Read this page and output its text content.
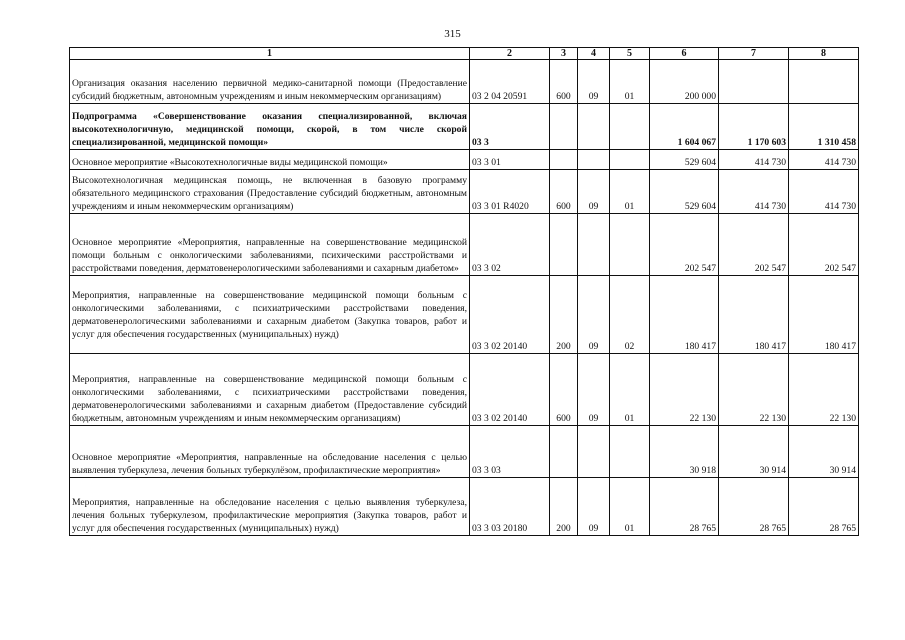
315
1	2	3	4	5	6	7	8
Организация оказания населению первичной медико-санитарной помощи (Предоставление субсидий бюджетным, автономным учреждениям и иным некоммерческим организациям)	03 2 04 20591	600	09	01	200 000		
Подпрограмма «Совершенствование оказания специализированной, включая высокотехнологичную, медицинской помощи, скорой, в том числе скорой специализированной, медицинской помощи»	03 3				1 604 067	1 170 603	1 310 458
Основное мероприятие «Высокотехнологичные виды медицинской помощи»	03 3 01				529 604	414 730	414 730
Высокотехнологичная медицинская помощь, не включенная в базовую программу обязательного медицинского страхования (Предоставление субсидий бюджетным, автономным учреждениям и иным некоммерческим организациям)	03 3 01 R4020	600	09	01	529 604	414 730	414 730
Основное мероприятие «Мероприятия, направленные на совершенствование медицинской помощи больным с онкологическими заболеваниями, психическими расстройствами и расстройствами поведения, дерматовенерологическими заболеваниями и сахарным диабетом»	03 3 02				202 547	202 547	202 547
Мероприятия, направленные на совершенствование медицинской помощи больным с онкологическими заболеваниями, с психиатрическими расстройствами поведения, дерматовенерологическими заболеваниями и сахарным диабетом (Закупка товаров, работ и услуг для обеспечения государственных (муниципальных) нужд)	03 3 02 20140	200	09	02	180 417	180 417	180 417
Мероприятия, направленные на совершенствование медицинской помощи больным с онкологическими заболеваниями, с психиатрическими расстройствами поведения, дерматовенерологическими заболеваниями и сахарным диабетом (Предоставление субсидий бюджетным, автономным учреждениям и иным некоммерческим организациям)	03 3 02 20140	600	09	01	22 130	22 130	22 130
Основное мероприятие «Мероприятия, направленные на обследование населения с целью выявления туберкулеза, лечения больных туберкулёзом, профилактические мероприятия»	03 3 03				30 918	30 914	30 914
Мероприятия, направленные на обследование населения с целью выявления туберкулеза, лечения больных туберкулезом, профилактические мероприятия (Закупка товаров, работ и услуг для обеспечения государственных (муниципальных) нужд)	03 3 03 20180	200	09	01	28 765	28 765	28 765
